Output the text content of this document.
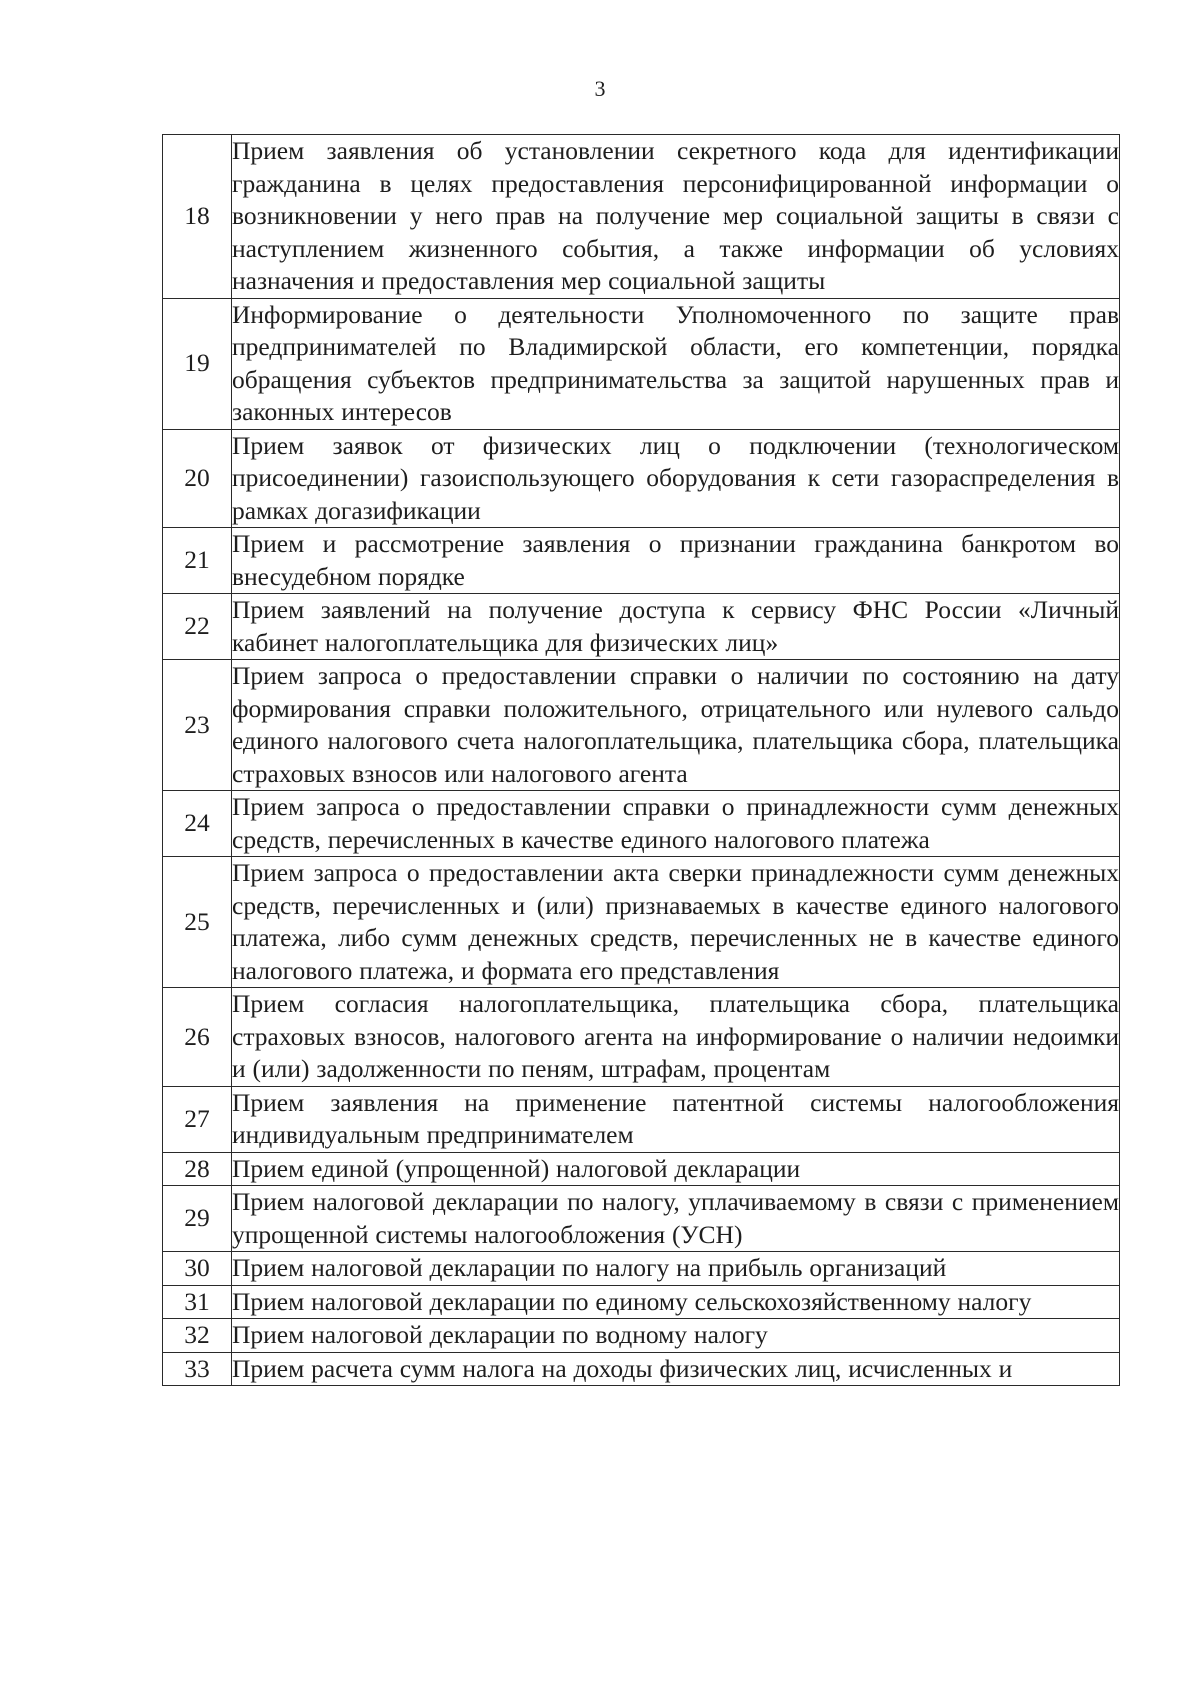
3
18	Прием заявления об установлении секретного кода для идентификации гражданина в целях предоставления персонифицированной информации о возникновении у него прав на получение мер социальной защиты в связи с наступлением жизненного события, а также информации об условиях назначения и предоставления мер социальной защиты
19	Информирование о деятельности Уполномоченного по защите прав предпринимателей по Владимирской области, его компетенции, порядка обращения субъектов предпринимательства за защитой нарушенных прав и законных интересов
20	Прием заявок от физических лиц о подключении (технологическом присоединении) газоиспользующего оборудования к сети газораспределения в рамках догазификации
21	Прием и рассмотрение заявления о признании гражданина банкротом во внесудебном порядке
22	Прием заявлений на получение доступа к сервису ФНС России «Личный кабинет налогоплательщика для физических лиц»
23	Прием запроса о предоставлении справки о наличии по состоянию на дату формирования справки положительного, отрицательного или нулевого сальдо единого налогового счета налогоплательщика, плательщика сбора, плательщика страховых взносов или налогового агента
24	Прием запроса о предоставлении справки о принадлежности сумм денежных средств, перечисленных в качестве единого налогового платежа
25	Прием запроса о предоставлении акта сверки принадлежности сумм денежных средств, перечисленных и (или) признаваемых в качестве единого налогового платежа, либо сумм денежных средств, перечисленных не в качестве единого налогового платежа, и формата его представления
26	Прием согласия налогоплательщика, плательщика сбора, плательщика страховых взносов, налогового агента на информирование о наличии недоимки и (или) задолженности по пеням, штрафам, процентам
27	Прием заявления на применение патентной системы налогообложения индивидуальным предпринимателем
28	Прием единой (упрощенной) налоговой декларации
29	Прием налоговой декларации по налогу, уплачиваемому в связи с применением упрощенной системы налогообложения (УСН)
30	Прием налоговой декларации по налогу на прибыль организаций
31	Прием налоговой декларации по единому сельскохозяйственному налогу
32	Прием налоговой декларации по водному налогу
33	Прием расчета сумм налога на доходы физических лиц, исчисленных и
